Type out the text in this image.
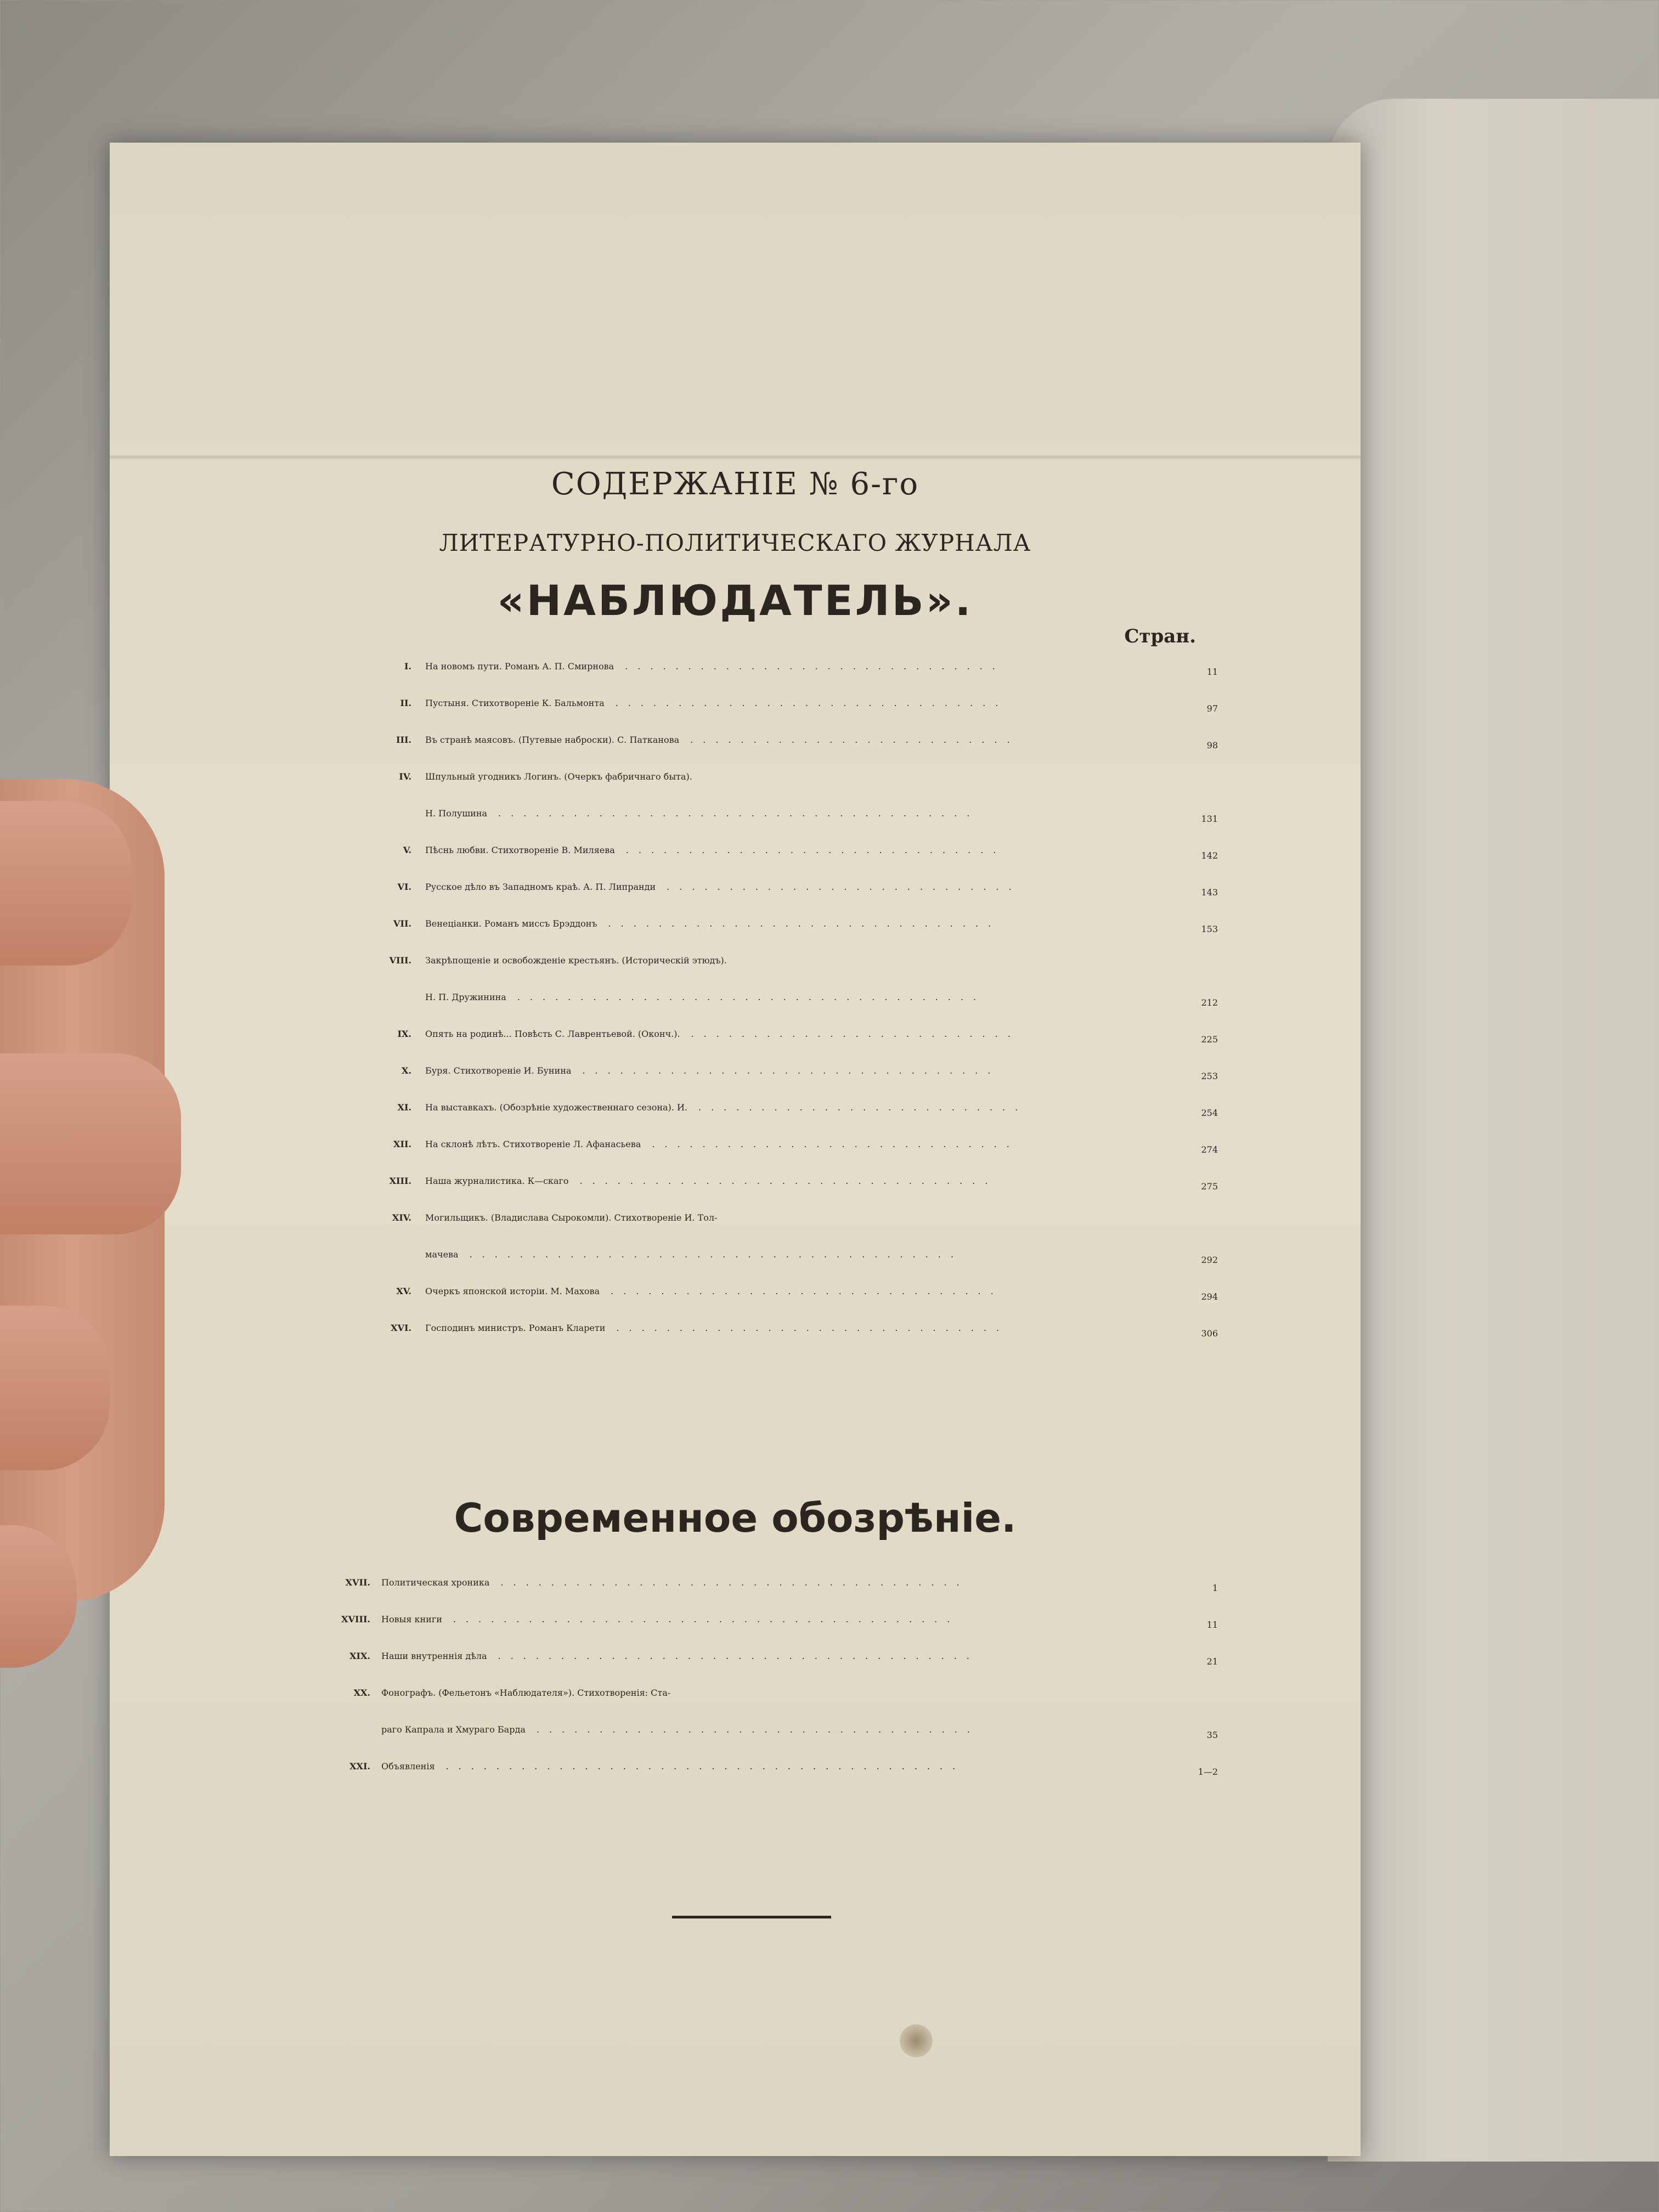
СОДЕРЖАНІЕ № 6-го
ЛИТЕРАТУРНО-ПОЛИТИЧЕСКАГО ЖУРНАЛА
«НАБЛЮДАТЕЛЬ».
Стран.
I. На новомъ пути. Романъ А. П. Смирнова ..............................
11
II. Пустыня. Стихотвореніе К. Бальмонта ...............................
97
III. Въ странѣ маясовъ. (Путевые наброски). С. Патканова ..........................
98
IV. Шпульный угодникъ Логинъ. (Очеркъ фабричнаго быта).
Н. Полушина ......................................
131
V. Пѣснь любви. Стихотвореніе В. Миляева ..............................
142
VI. Русское дѣло въ Западномъ краѣ. А. П. Липранди ............................
143
VII. Венеціанки. Романъ миссъ Брэддонъ ...............................
153
VIII. Закрѣпощеніе и освобожденіе крестьянъ. (Историческій этюдъ).
Н. П. Дружинина .....................................
212
IX. Опять на родинѣ... Повѣсть С. Лаврентьевой. (Оконч.). ..........................
225
X. Буря. Стихотвореніе И. Бунина .................................
253
XI. На выставкахъ. (Обозрѣніе художественнаго сезона). И. ..........................
254
XII. На склонѣ лѣтъ. Стихотвореніе Л. Афанасьева .............................
274
XIII. Наша журналистика. К—скаго .................................
275
XIV. Могильщикъ. (Владислава Сырокомли). Стихотвореніе И. Тол-
мачева .......................................
292
XV. Очеркъ японской исторіи. М. Махова ...............................
294
XVI. Господинъ министръ. Романъ Кларети ...............................
306
Современное обозрѣніе.
XVII. Политическая хроника .....................................
1
XVIII. Новыя книги ........................................
11
XIX. Наши внутреннія дѣла ......................................
21
XX. Фонографъ. (Фельетонъ «Наблюдателя»). Стихотворенія: Ста-
раго Капрала и Хмураго Барда ...................................
35
XXI. Объявленія .........................................
1—2
